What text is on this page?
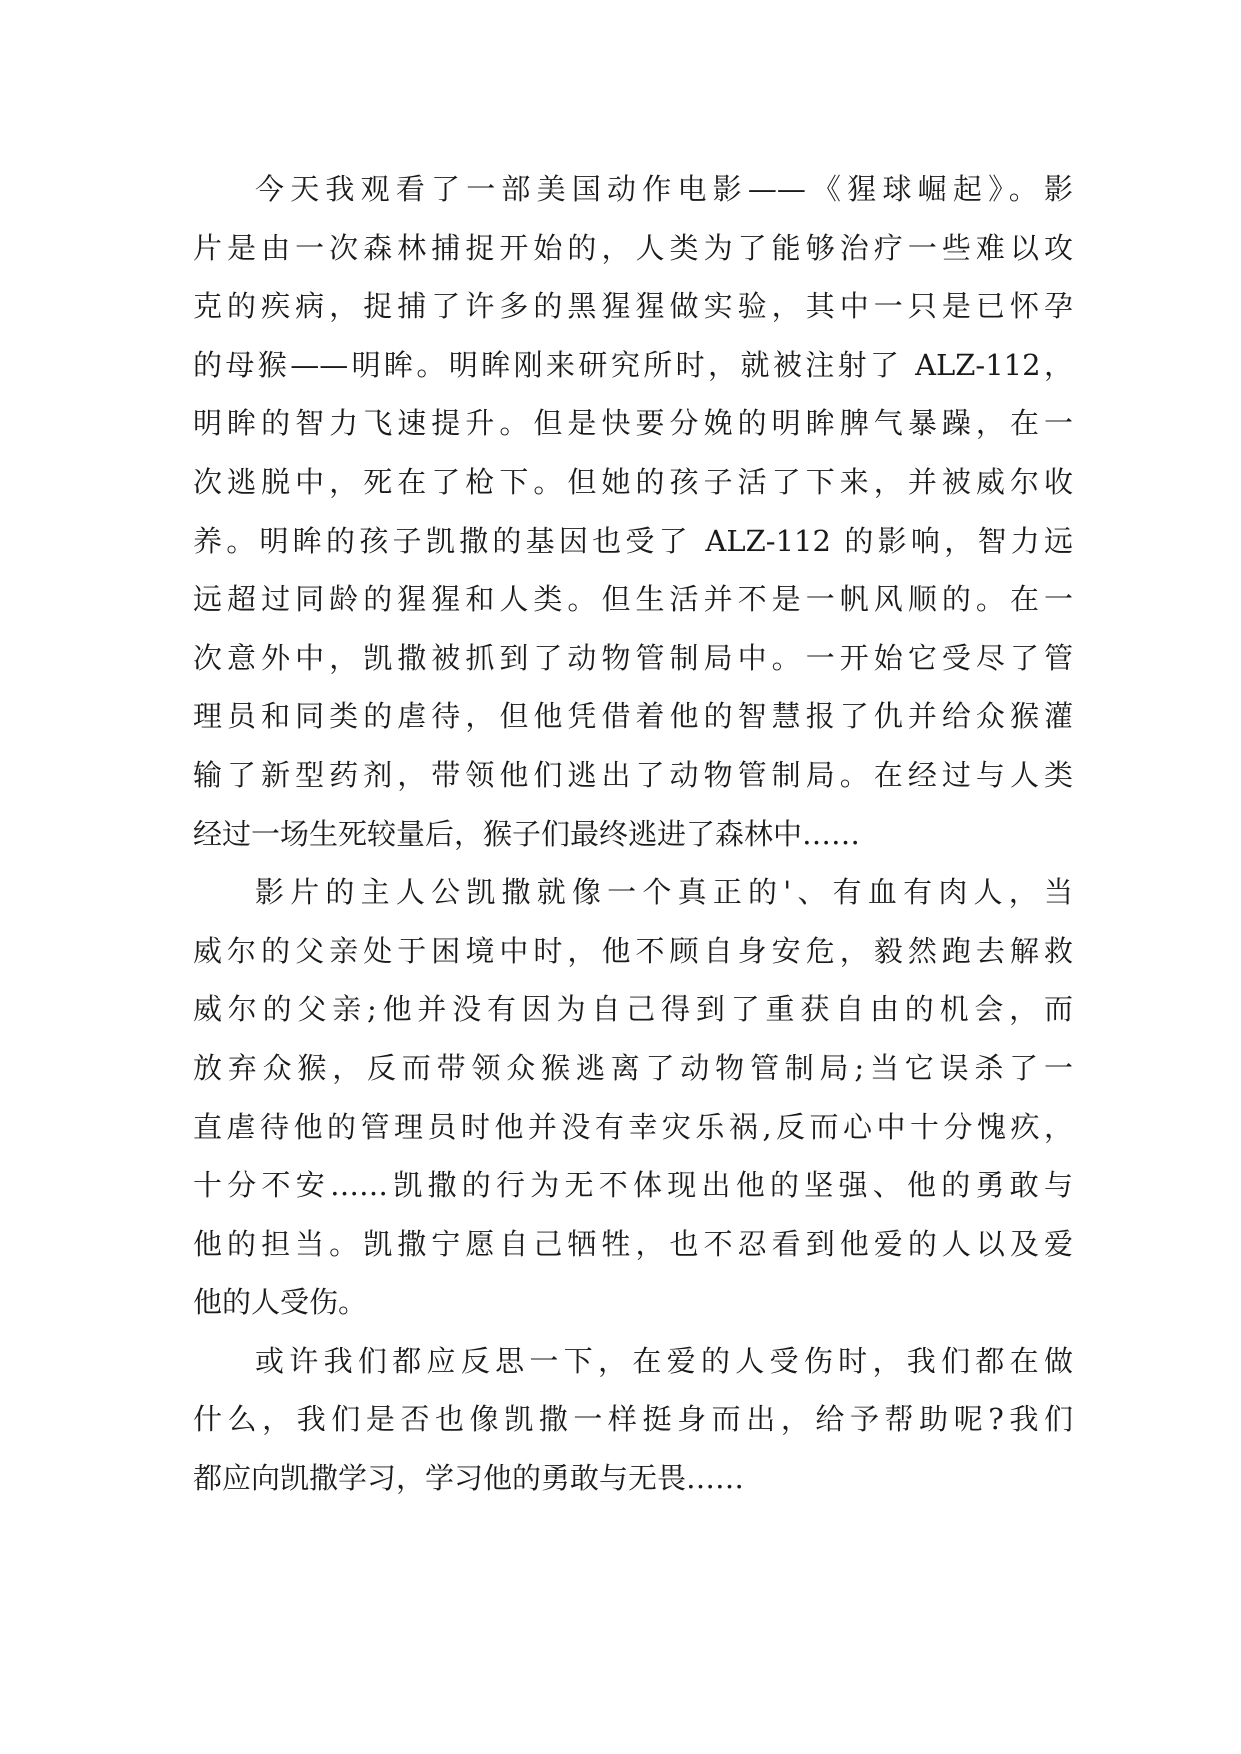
今天我观看了一部美国动作电影——《猩球崛起》。影
片是由一次森林捕捉开始的，人类为了能够治疗一些难以攻
克的疾病，捉捕了许多的黑猩猩做实验，其中一只是已怀孕
的母猴——明眸。明眸刚来研究所时，就被注射了 ALZ-112，
明眸的智力飞速提升。但是快要分娩的明眸脾气暴躁，在一
次逃脱中，死在了枪下。但她的孩子活了下来，并被威尔收
养。明眸的孩子凯撒的基因也受了 ALZ-112 的影响，智力远
远超过同龄的猩猩和人类。但生活并不是一帆风顺的。在一
次意外中，凯撒被抓到了动物管制局中。一开始它受尽了管
理员和同类的虐待，但他凭借着他的智慧报了仇并给众猴灌
输了新型药剂，带领他们逃出了动物管制局。在经过与人类
经过一场生死较量后，猴子们最终逃进了森林中……
影片的主人公凯撒就像一个真正的'、有血有肉人，当
威尔的父亲处于困境中时，他不顾自身安危，毅然跑去解救
威尔的父亲;他并没有因为自己得到了重获自由的机会，而
放弃众猴，反而带领众猴逃离了动物管制局;当它误杀了一
直虐待他的管理员时他并没有幸灾乐祸,反而心中十分愧疚，
十分不安……凯撒的行为无不体现出他的坚强、他的勇敢与
他的担当。凯撒宁愿自己牺牲，也不忍看到他爱的人以及爱
他的人受伤。
或许我们都应反思一下，在爱的人受伤时，我们都在做
什么，我们是否也像凯撒一样挺身而出，给予帮助呢?我们
都应向凯撒学习，学习他的勇敢与无畏……
